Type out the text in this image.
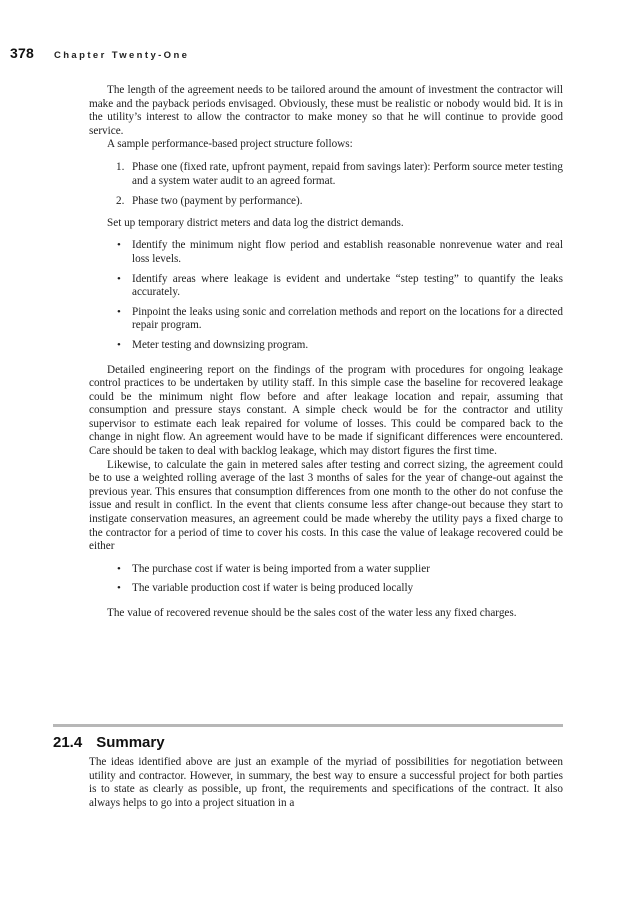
378 Chapter Twenty-One

The length of the agreement needs to be tailored around the amount of investment the contractor will make and the payback periods envisaged. Obviously, these must be realistic or nobody would bid. It is in the utility’s interest to allow the contractor to make money so that he will continue to provide good service.

A sample performance-based project structure follows:

1. Phase one (fixed rate, upfront payment, repaid from savings later): Perform source meter testing and a system water audit to an agreed format.
2. Phase two (payment by performance).

Set up temporary district meters and data log the district demands.

• Identify the minimum night flow period and establish reasonable nonrevenue water and real loss levels.
• Identify areas where leakage is evident and undertake “step testing” to quantify the leaks accurately.
• Pinpoint the leaks using sonic and correlation methods and report on the locations for a directed repair program.
• Meter testing and downsizing program.

Detailed engineering report on the findings of the program with procedures for ongoing leakage control practices to be undertaken by utility staff. In this simple case the baseline for recovered leakage could be the minimum night flow before and after leakage location and repair, assuming that consumption and pressure stays constant. A simple check would be for the contractor and utility supervisor to estimate each leak repaired for volume of losses. This could be compared back to the change in night flow. An agreement would have to be made if significant differences were encountered. Care should be taken to deal with backlog leakage, which may distort figures the first time.

Likewise, to calculate the gain in metered sales after testing and correct sizing, the agreement could be to use a weighted rolling average of the last 3 months of sales for the year of change-out against the previous year. This ensures that consumption differences from one month to the other do not confuse the issue and result in conflict. In the event that clients consume less after change-out because they start to instigate conservation measures, an agreement could be made whereby the utility pays a fixed charge to the contractor for a period of time to cover his costs. In this case the value of leakage recovered could be either

• The purchase cost if water is being imported from a water supplier
• The variable production cost if water is being produced locally

The value of recovered revenue should be the sales cost of the water less any fixed charges.

21.4 Summary

The ideas identified above are just an example of the myriad of possibilities for negotiation between utility and contractor. However, in summary, the best way to ensure a successful project for both parties is to state as clearly as possible, up front, the requirements and specifications of the contract. It also always helps to go into a project situation in a
